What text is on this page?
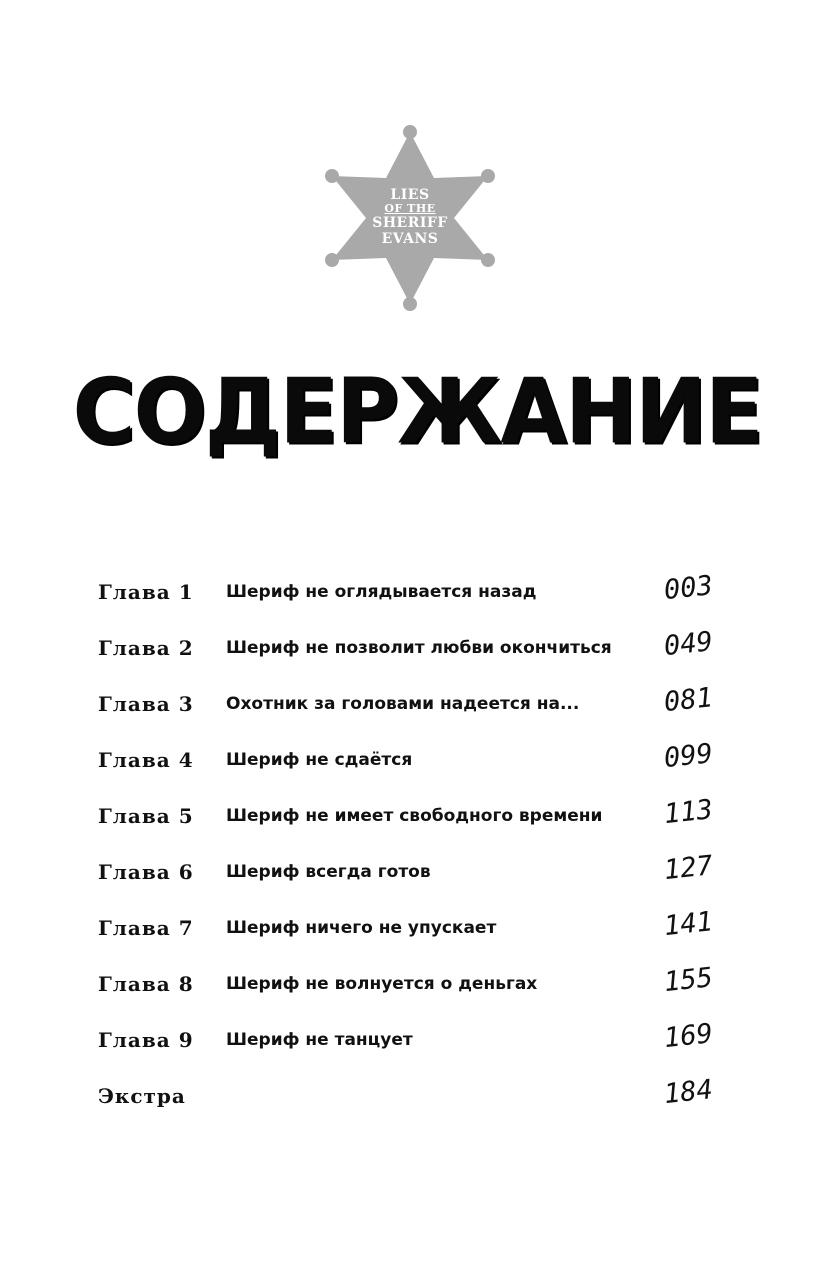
LIES
OF THE
SHERIFF
EVANS
СОДЕРЖАНИЕ
Глава 1	Шериф не оглядывается назад	003
Глава 2	Шериф не позволит любви окончиться	049
Глава 3	Охотник за головами надеется на...	081
Глава 4	Шериф не сдаётся	099
Глава 5	Шериф не имеет свободного времени	113
Глава 6	Шериф всегда готов	127
Глава 7	Шериф ничего не упускает	141
Глава 8	Шериф не волнуется о деньгах	155
Глава 9	Шериф не танцует	169
Экстра	184
